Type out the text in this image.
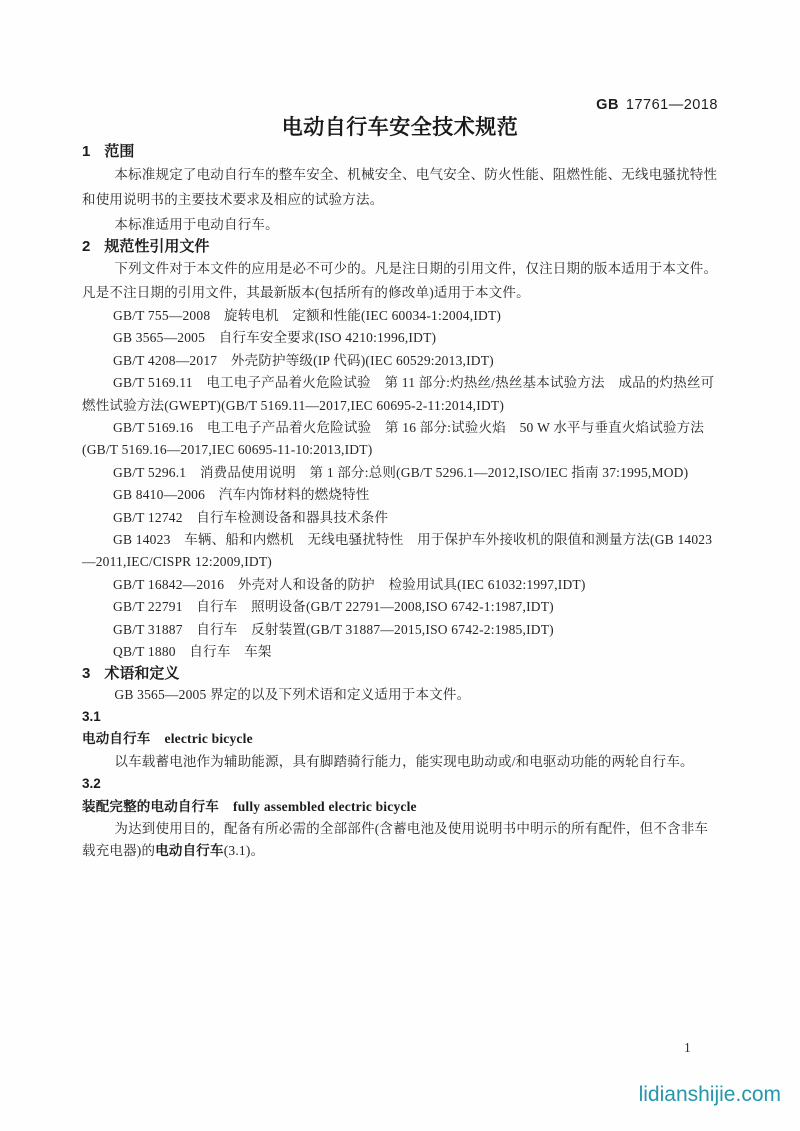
GB 17761—2018
电动自行车安全技术规范
1 范围

本标准规定了电动自行车的整车安全、机械安全、电气安全、防火性能、阻燃性能、无线电骚扰特性和使用说明书的主要技术要求及相应的试验方法。

本标准适用于电动自行车。

2 规范性引用文件

下列文件对于本文件的应用是必不可少的。凡是注日期的引用文件，仅注日期的版本适用于本文件。凡是不注日期的引用文件，其最新版本(包括所有的修改单)适用于本文件。

GB/T 755—2008　旋转电机　定额和性能(IEC 60034-1:2004,IDT)

GB 3565—2005　自行车安全要求(ISO 4210:1996,IDT)

GB/T 4208—2017　外壳防护等级(IP 代码)(IEC 60529:2013,IDT)

GB/T 5169.11　电工电子产品着火危险试验　第 11 部分:灼热丝/热丝基本试验方法　成品的灼热丝可燃性试验方法(GWEPT)(GB/T 5169.11—2017,IEC 60695-2-11:2014,IDT)

GB/T 5169.16　电工电子产品着火危险试验　第 16 部分:试验火焰　50 W 水平与垂直火焰试验方法(GB/T 5169.16—2017,IEC 60695-11-10:2013,IDT)

GB/T 5296.1　消费品使用说明　第 1 部分:总则(GB/T 5296.1—2012,ISO/IEC 指南 37:1995,MOD)

GB 8410—2006　汽车内饰材料的燃烧特性

GB/T 12742　自行车检测设备和器具技术条件

GB 14023　车辆、船和内燃机　无线电骚扰特性　用于保护车外接收机的限值和测量方法(GB 14023—2011,IEC/CISPR 12:2009,IDT)

GB/T 16842—2016　外壳对人和设备的防护　检验用试具(IEC 61032:1997,IDT)

GB/T 22791　自行车　照明设备(GB/T 22791—2008,ISO 6742-1:1987,IDT)

GB/T 31887　自行车　反射装置(GB/T 31887—2015,ISO 6742-2:1985,IDT)

QB/T 1880　自行车　车架

3 术语和定义

GB 3565—2005 界定的以及下列术语和定义适用于本文件。

3.1

电动自行车 electric bicycle

以车载蓄电池作为辅助能源，具有脚踏骑行能力，能实现电助动或/和电驱动功能的两轮自行车。

3.2

装配完整的电动自行车 fully assembled electric bicycle

为达到使用目的，配备有所必需的全部部件(含蓄电池及使用说明书中明示的所有配件，但不含非车载充电器)的电动自行车(3.1)。

1
lidianshijie.com
